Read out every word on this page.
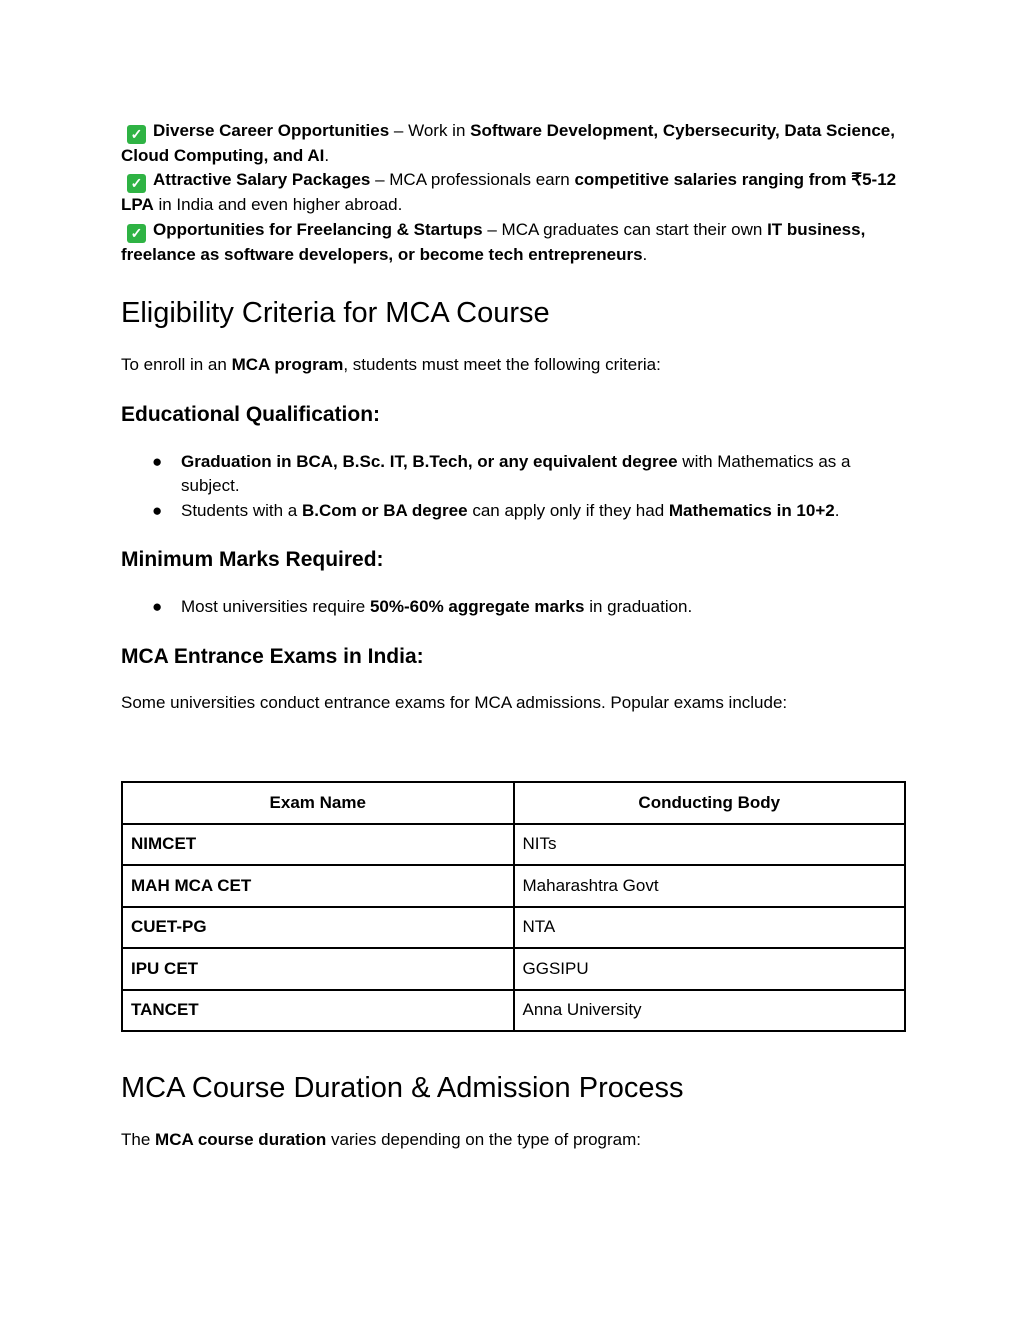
✓ Diverse Career Opportunities – Work in Software Development, Cybersecurity, Data Science, Cloud Computing, and AI.

✓ Attractive Salary Packages – MCA professionals earn competitive salaries ranging from ₹5-12 LPA in India and even higher abroad.

✓ Opportunities for Freelancing & Startups – MCA graduates can start their own IT business, freelance as software developers, or become tech entrepreneurs.

Eligibility Criteria for MCA Course

To enroll in an MCA program, students must meet the following criteria:

Educational Qualification:
● Graduation in BCA, B.Sc. IT, B.Tech, or any equivalent degree with Mathematics as a subject.
● Students with a B.Com or BA degree can apply only if they had Mathematics in 10+2.
Minimum Marks Required:
● Most universities require 50%-60% aggregate marks in graduation.
MCA Entrance Exams in India:

Some universities conduct entrance exams for MCA admissions. Popular exams include:

Exam Name	Conducting Body
NIMCET	NITs
MAH MCA CET	Maharashtra Govt
CUET-PG	NTA
IPU CET	GGSIPU
TANCET	Anna University
MCA Course Duration & Admission Process

The MCA course duration varies depending on the type of program:
